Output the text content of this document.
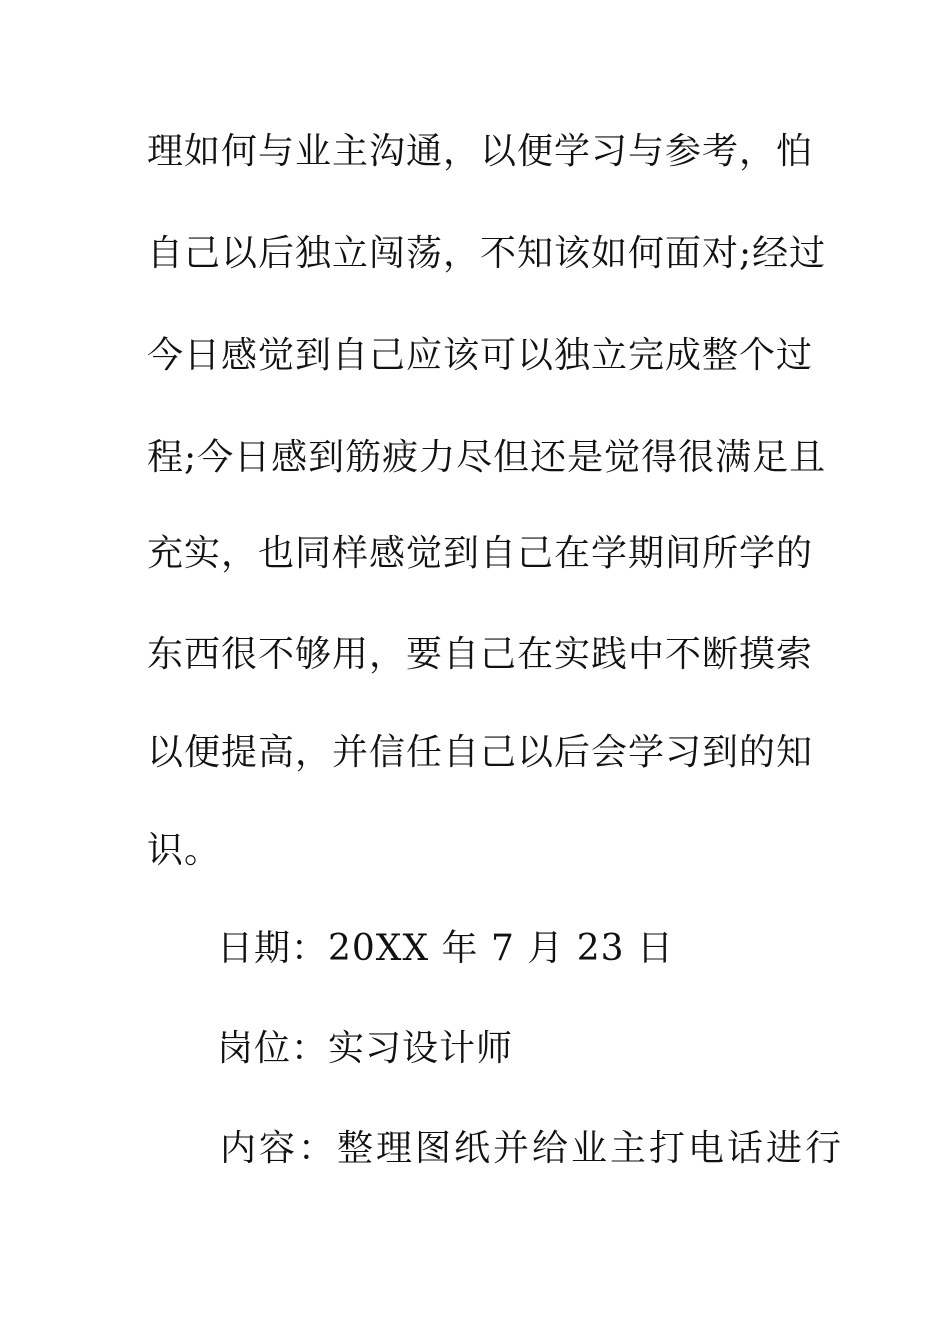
理如何与业主沟通，以便学习与参考，怕
自己以后独立闯荡，不知该如何面对;经过
今日感觉到自己应该可以独立完成整个过
程;今日感到筋疲力尽但还是觉得很满足且
充实，也同样感觉到自己在学期间所学的
东西很不够用，要自己在实践中不断摸索
以便提高，并信任自己以后会学习到的知
识。
日期：20XX 年 7 月 23 日
岗位：实习设计师
内容：整理图纸并给业主打电话进行
